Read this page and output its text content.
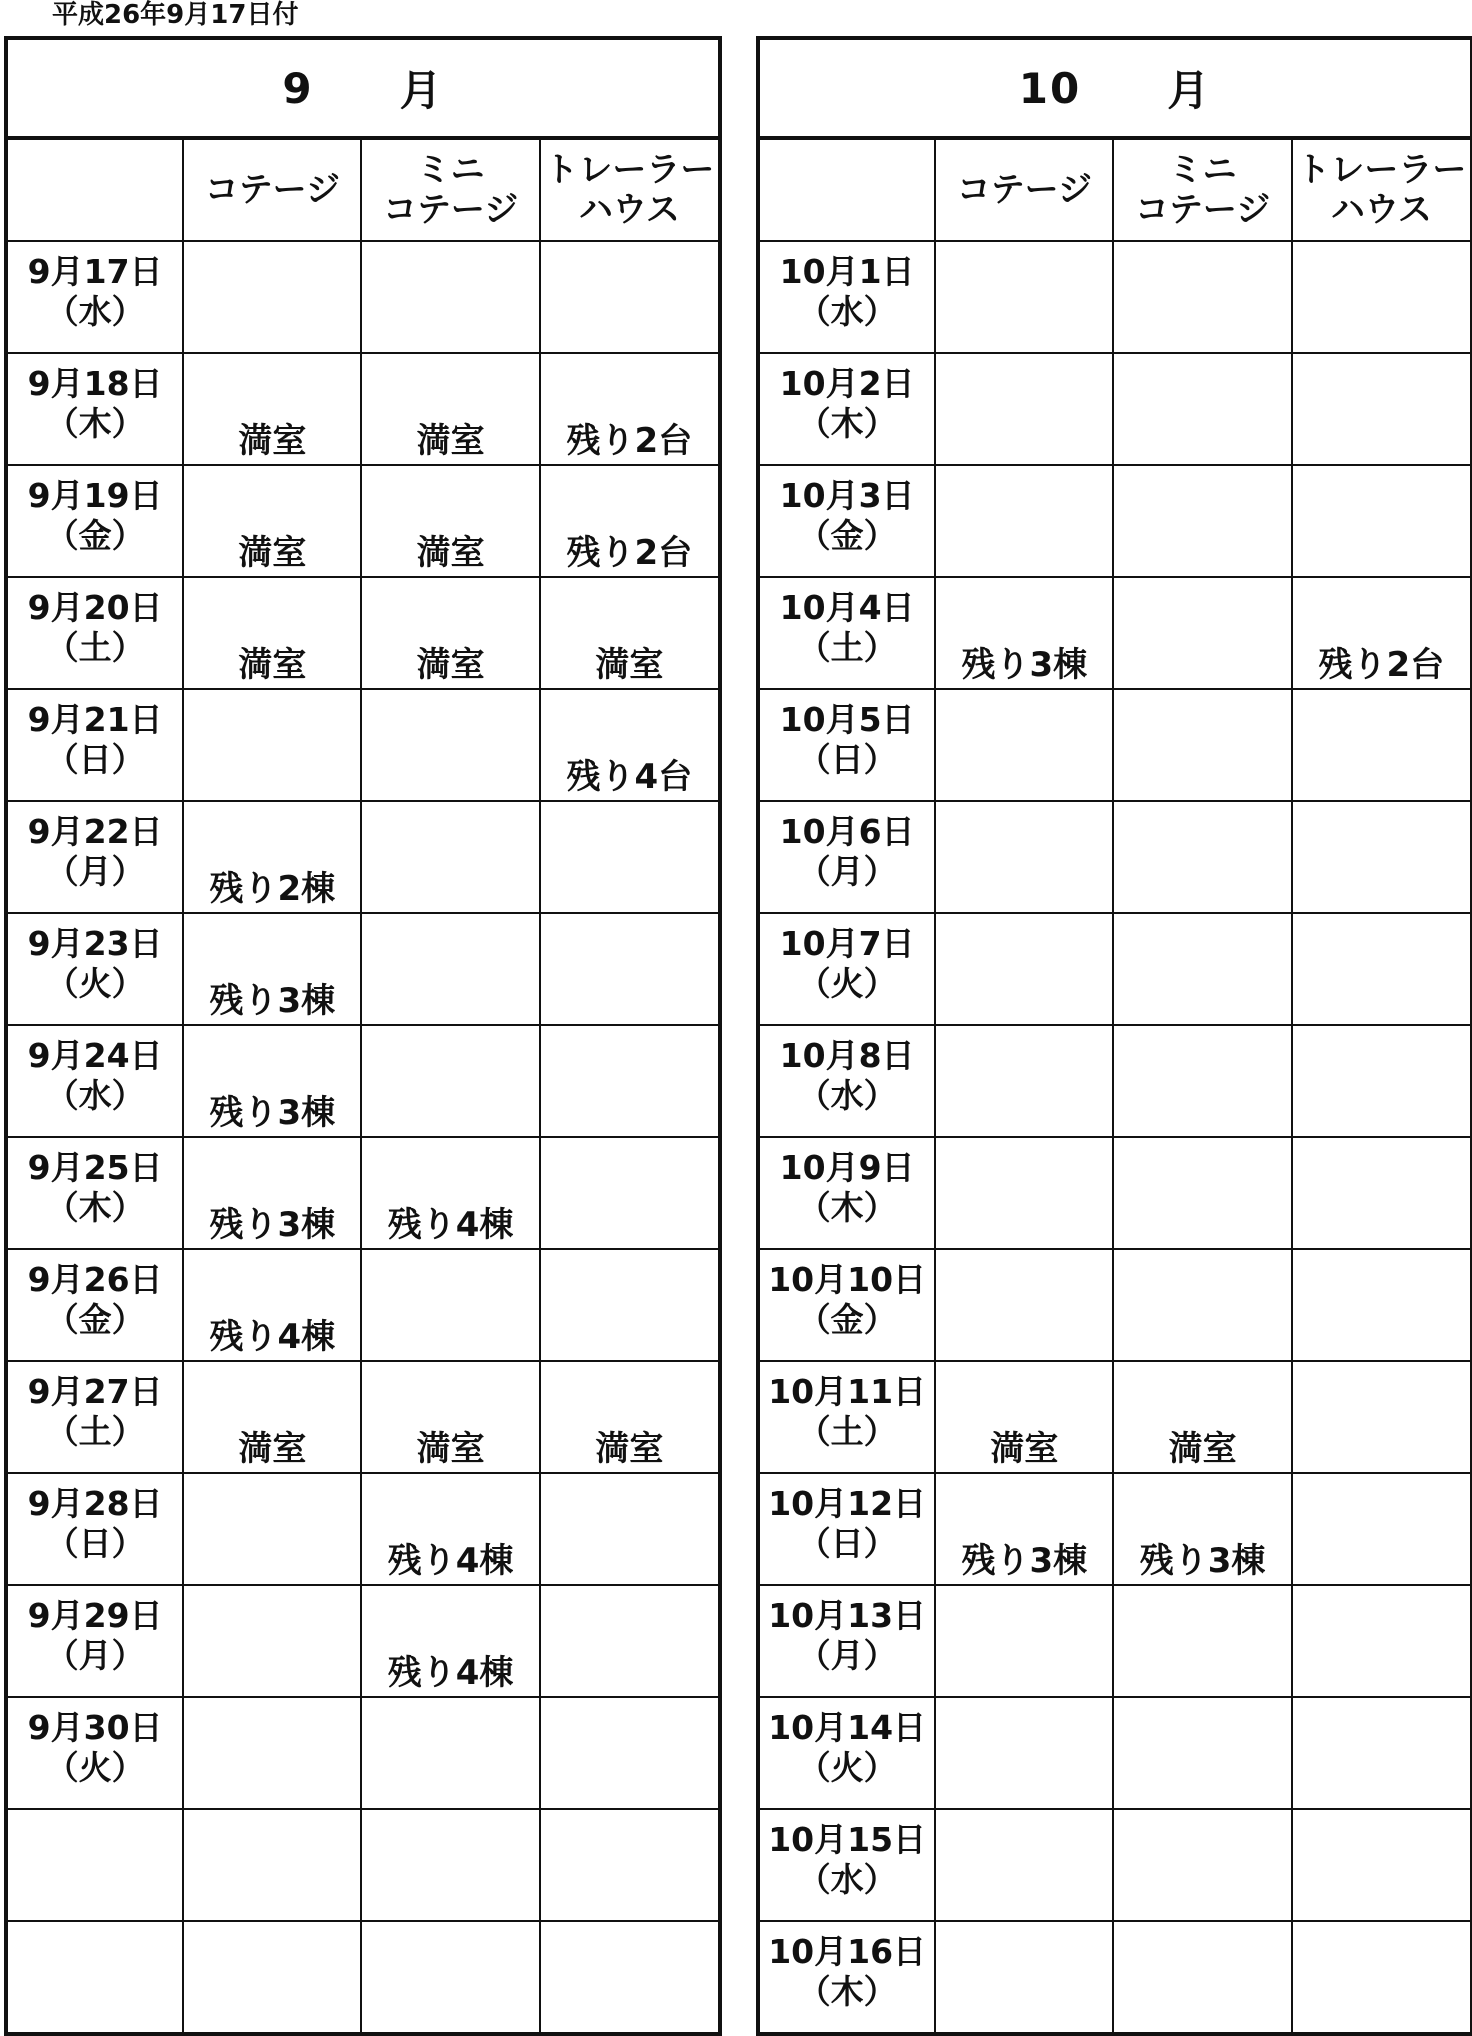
平成26年9月17日付
9 月

	コテージ	ミニ
コテージ	トレーラー
ハウス

9月17日
（水）			

9月18日
（木）	満室	満室	残り2台

9月19日
（金）	満室	満室	残り2台

9月20日
（土）	満室	満室	満室

9月21日
（日）			残り4台

9月22日
（月）	残り2棟		

9月23日
（火）	残り3棟		

9月24日
（水）	残り3棟		

9月25日
（木）	残り3棟	残り4棟	

9月26日
（金）	残り4棟		

9月27日
（土）	満室	満室	満室

9月28日
（日）		残り4棟	

9月29日
（月）		残り4棟	

9月30日
（火）			

10 月

	コテージ	ミニ
コテージ	トレーラー
ハウス

10月1日
（水）			

10月2日
（木）			

10月3日
（金）			

10月4日
（土）	残り3棟		残り2台

10月5日
（日）			

10月6日
（月）			

10月7日
（火）			

10月8日
（水）			

10月9日
（木）			

10月10日
（金）			

10月11日
（土）	満室	満室	

10月12日
（日）	残り3棟	残り3棟	

10月13日
（月）			

10月14日
（火）			

10月15日
（水）			

10月16日
（木）			
